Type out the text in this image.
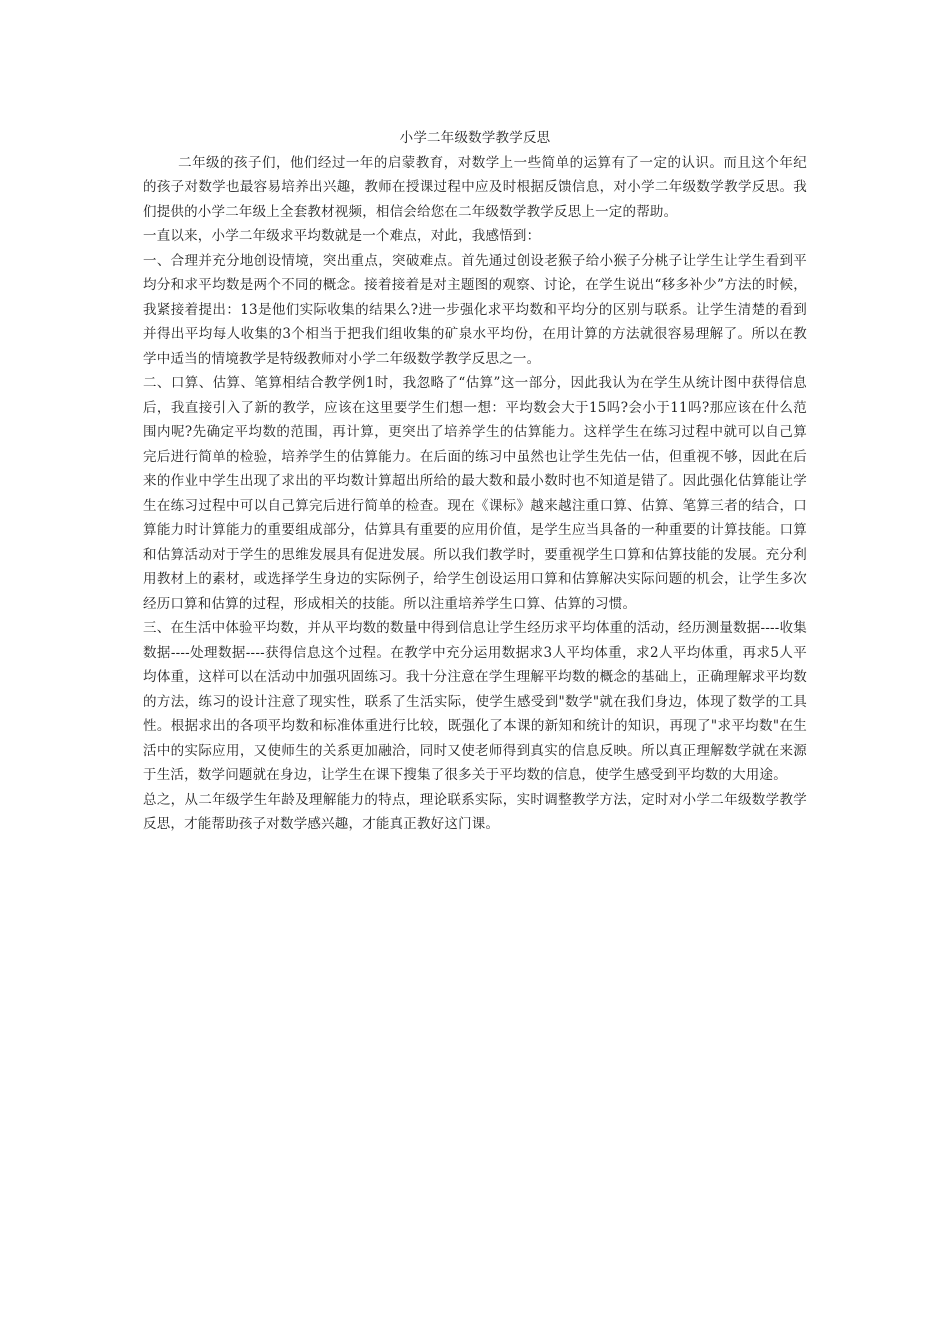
小学二年级数学教学反思

二年级的孩子们，他们经过一年的启蒙教育，对数学上一些简单的运算有了一定的认识。而且这个年纪的孩子对数学也最容易培养出兴趣，教师在授课过程中应及时根据反馈信息，对小学二年级数学教学反思。我们提供的小学二年级上全套教材视频，相信会给您在二年级数学教学反思上一定的帮助。

一直以来，小学二年级求平均数就是一个难点，对此，我感悟到：

一、合理并充分地创设情境，突出重点，突破难点。首先通过创设老猴子给小猴子分桃子让学生让学生看到平均分和求平均数是两个不同的概念。接着接着是对主题图的观察、讨论，在学生说出“移多补少”方法的时候，我紧接着提出：13是他们实际收集的结果么?进一步强化求平均数和平均分的区别与联系。让学生清楚的看到并得出平均每人收集的3个相当于把我们组收集的矿泉水平均份，在用计算的方法就很容易理解了。所以在教学中适当的情境教学是特级教师对小学二年级数学教学反思之一。

二、口算、估算、笔算相结合教学例1时，我忽略了“估算”这一部分，因此我认为在学生从统计图中获得信息后，我直接引入了新的教学，应该在这里要学生们想一想：平均数会大于15吗?会小于11吗?那应该在什么范围内呢?先确定平均数的范围，再计算，更突出了培养学生的估算能力。这样学生在练习过程中就可以自己算完后进行简单的检验，培养学生的估算能力。在后面的练习中虽然也让学生先估一估，但重视不够，因此在后来的作业中学生出现了求出的平均数计算超出所给的最大数和最小数时也不知道是错了。因此强化估算能让学生在练习过程中可以自己算完后进行简单的检查。现在《课标》越来越注重口算、估算、笔算三者的结合，口算能力时计算能力的重要组成部分，估算具有重要的应用价值，是学生应当具备的一种重要的计算技能。口算和估算活动对于学生的思维发展具有促进发展。所以我们教学时，要重视学生口算和估算技能的发展。充分利用教材上的素材，或选择学生身边的实际例子，给学生创设运用口算和估算解决实际问题的机会，让学生多次经历口算和估算的过程，形成相关的技能。所以注重培养学生口算、估算的习惯。

三、在生活中体验平均数，并从平均数的数量中得到信息让学生经历求平均体重的活动，经历测量数据----收集数据----处理数据----获得信息这个过程。在教学中充分运用数据求3人平均体重，求2人平均体重，再求5人平均体重，这样可以在活动中加强巩固练习。我十分注意在学生理解平均数的概念的基础上，正确理解求平均数的方法，练习的设计注意了现实性，联系了生活实际，使学生感受到"数学"就在我们身边，体现了数学的工具性。根据求出的各项平均数和标准体重进行比较，既强化了本课的新知和统计的知识，再现了"求平均数"在生活中的实际应用，又使师生的关系更加融洽，同时又使老师得到真实的信息反映。所以真正理解数学就在来源于生活，数学问题就在身边，让学生在课下搜集了很多关于平均数的信息，使学生感受到平均数的大用途。

总之，从二年级学生年龄及理解能力的特点，理论联系实际，实时调整教学方法，定时对小学二年级数学教学反思，才能帮助孩子对数学感兴趣，才能真正教好这门课。
